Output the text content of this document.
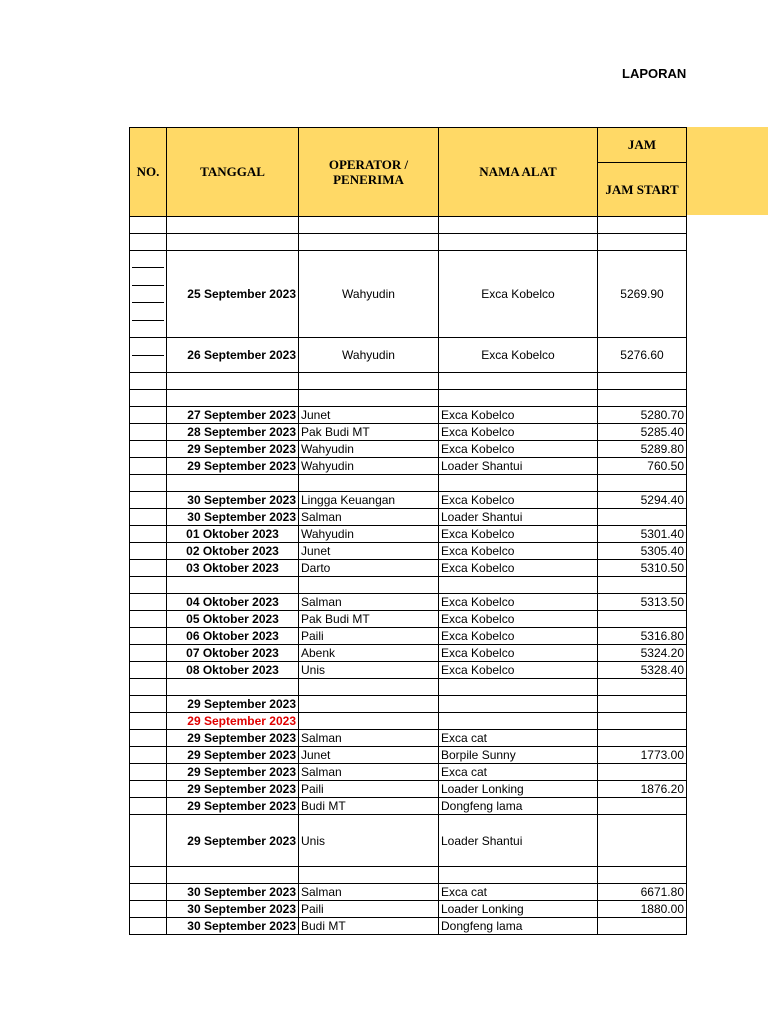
LAPORAN
NO.	TANGGAL	OPERATOR / PENERIMA	NAMA ALAT	JAM
				JAM START

	25 September 2023	Wahyudin	Exca Kobelco	5269.90

	26 September 2023	Wahyudin	Exca Kobelco	5276.60

	27 September 2023	Junet	Exca Kobelco	5280.70
	28 September 2023	Pak Budi MT	Exca Kobelco	5285.40
	29 September 2023	Wahyudin	Exca Kobelco	5289.80
	29 September 2023	Wahyudin	Loader Shantui	760.50

	30 September 2023	Lingga Keuangan	Exca Kobelco	5294.40
	30 September 2023	Salman	Loader Shantui	
	01 Oktober 2023	Wahyudin	Exca Kobelco	5301.40
	02 Oktober 2023	Junet	Exca Kobelco	5305.40
	03 Oktober 2023	Darto	Exca Kobelco	5310.50

	04 Oktober 2023	Salman	Exca Kobelco	5313.50
	05 Oktober 2023	Pak Budi MT	Exca Kobelco	
	06 Oktober 2023	Paili	Exca Kobelco	5316.80
	07 Oktober 2023	Abenk	Exca Kobelco	5324.20
	08 Oktober 2023	Unis	Exca Kobelco	5328.40

	29 September 2023			
	29 September 2023			
	29 September 2023	Salman	Exca cat	
	29 September 2023	Junet	Borpile Sunny	1773.00
	29 September 2023	Salman	Exca cat	
	29 September 2023	Paili	Loader Lonking	1876.20
	29 September 2023	Budi MT	Dongfeng lama	
	29 September 2023	Unis	Loader Shantui	

	30 September 2023	Salman	Exca cat	6671.80
	30 September 2023	Paili	Loader Lonking	1880.00
	30 September 2023	Budi MT	Dongfeng lama	
